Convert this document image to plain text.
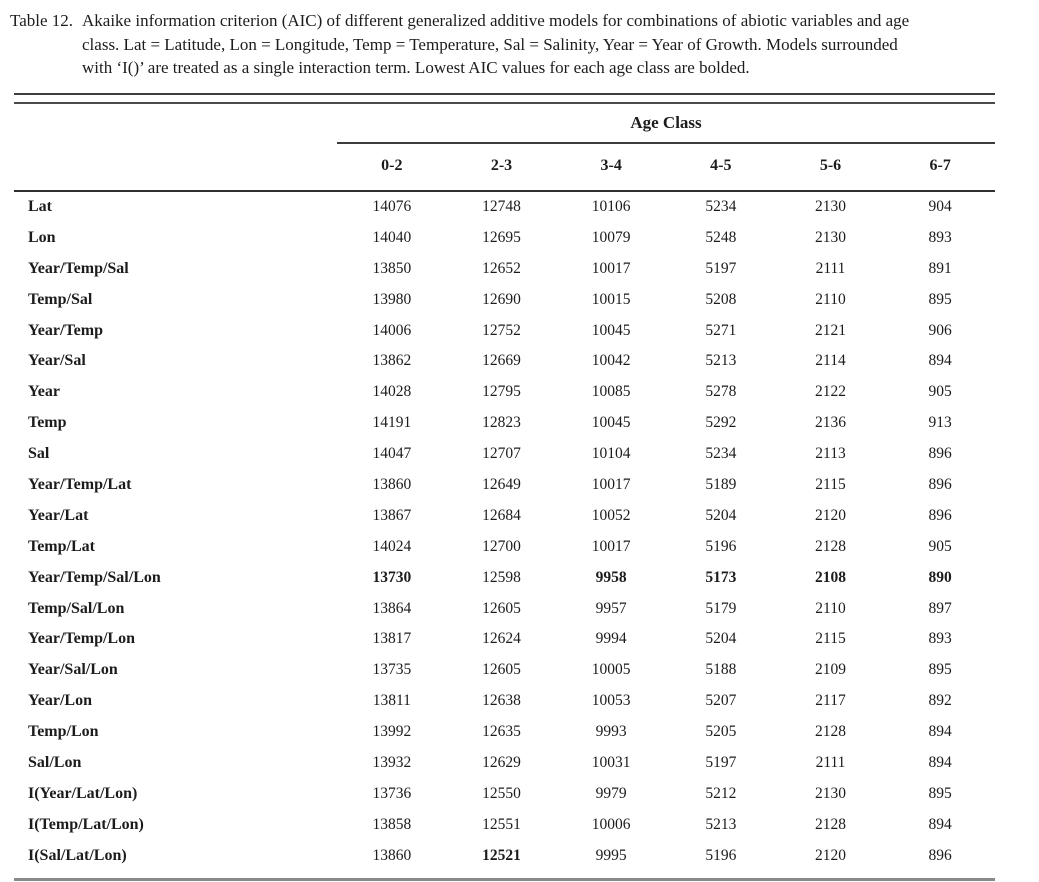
Table 12. Akaike information criterion (AIC) of different generalized additive models for combinations of abiotic variables and age
class. Lat = Latitude, Lon = Longitude, Temp = Temperature, Sal = Salinity, Year = Year of Growth. Models surrounded
with ‘I()’ are treated as a single interaction term. Lowest AIC values for each age class are bolded.
Age Class
0-2	2-3	3-4	4-5	5-6	6-7
Lat	14076	12748	10106	5234	2130	904
Lon	14040	12695	10079	5248	2130	893
Year/Temp/Sal	13850	12652	10017	5197	2111	891
Temp/Sal	13980	12690	10015	5208	2110	895
Year/Temp	14006	12752	10045	5271	2121	906
Year/Sal	13862	12669	10042	5213	2114	894
Year	14028	12795	10085	5278	2122	905
Temp	14191	12823	10045	5292	2136	913
Sal	14047	12707	10104	5234	2113	896
Year/Temp/Lat	13860	12649	10017	5189	2115	896
Year/Lat	13867	12684	10052	5204	2120	896
Temp/Lat	14024	12700	10017	5196	2128	905
Year/Temp/Sal/Lon	13730	12598	9958	5173	2108	890
Temp/Sal/Lon	13864	12605	9957	5179	2110	897
Year/Temp/Lon	13817	12624	9994	5204	2115	893
Year/Sal/Lon	13735	12605	10005	5188	2109	895
Year/Lon	13811	12638	10053	5207	2117	892
Temp/Lon	13992	12635	9993	5205	2128	894
Sal/Lon	13932	12629	10031	5197	2111	894
I(Year/Lat/Lon)	13736	12550	9979	5212	2130	895
I(Temp/Lat/Lon)	13858	12551	10006	5213	2128	894
I(Sal/Lat/Lon)	13860	12521	9995	5196	2120	896
